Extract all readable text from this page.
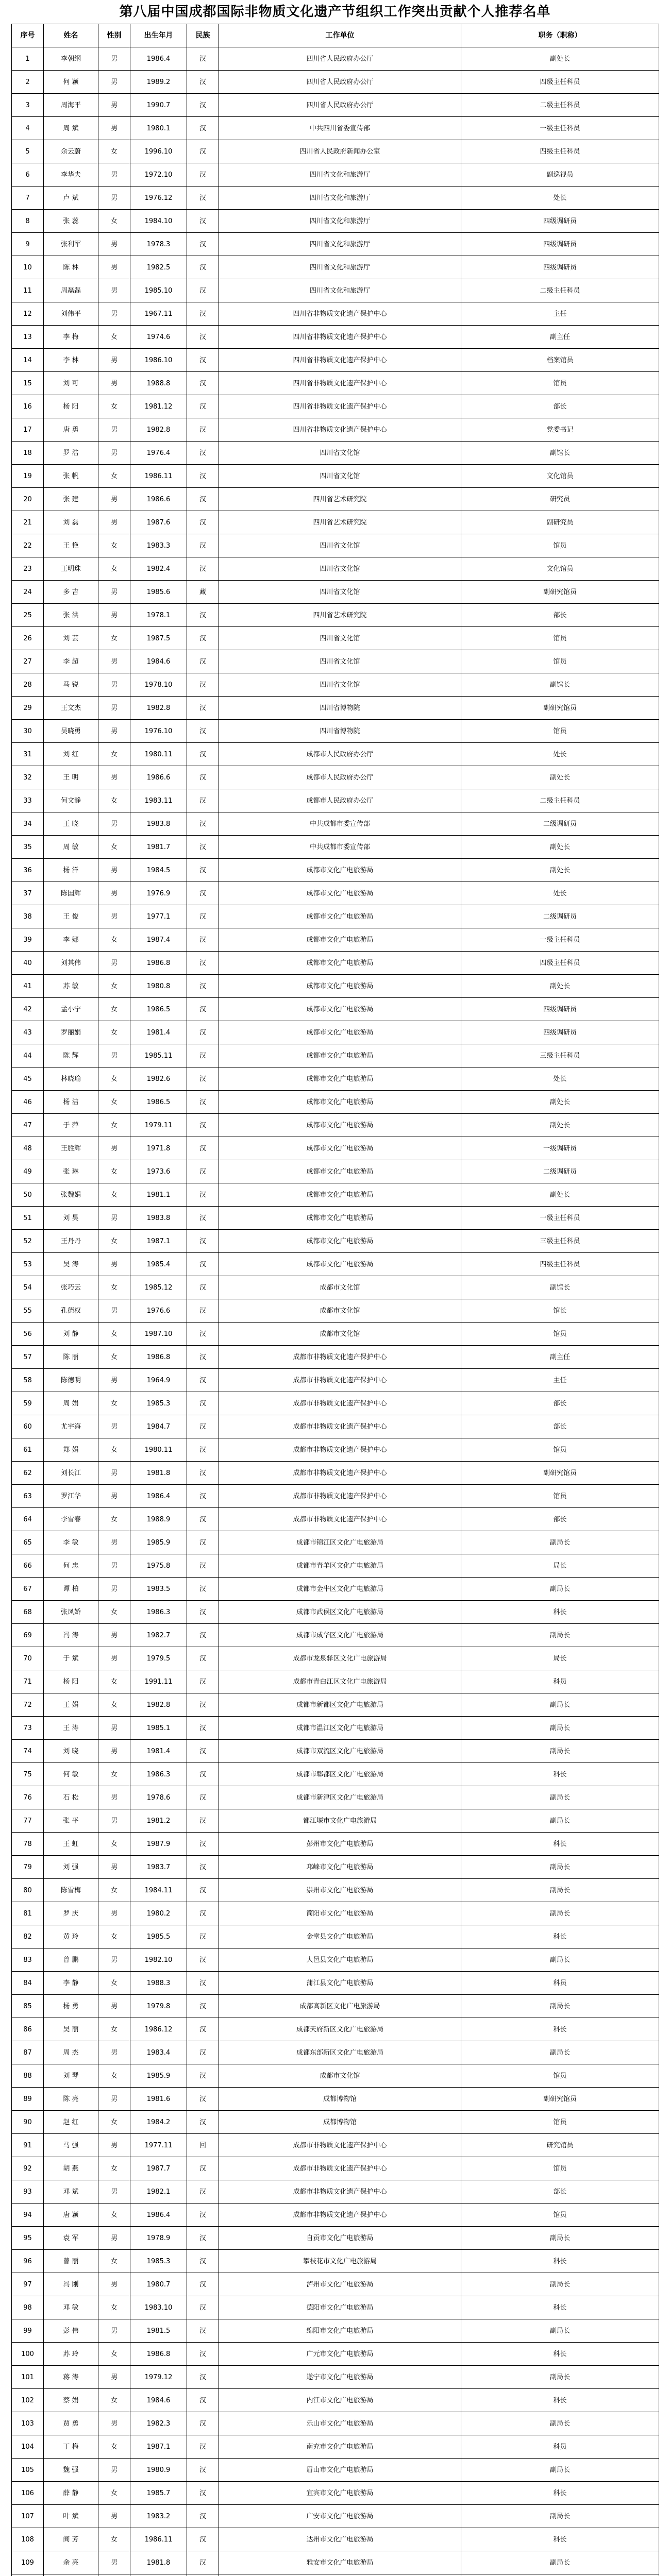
第八届中国成都国际非物质文化遗产节组织工作突出贡献个人推荐名单
序号	姓名	性别	出生年月	民族	工作单位	职务（职称）
1	李朝纲	男	1986.4	汉	四川省人民政府办公厅	副处长
2	何 颖	男	1989.2	汉	四川省人民政府办公厅	四级主任科员
3	周海平	男	1990.7	汉	四川省人民政府办公厅	二级主任科员
4	周 斌	男	1980.1	汉	中共四川省委宣传部	一级主任科员
5	余云蔚	女	1996.10	汉	四川省人民政府新闻办公室	四级主任科员
6	李华夫	男	1972.10	汉	四川省文化和旅游厅	副巡视员
7	卢 斌	男	1976.12	汉	四川省文化和旅游厅	处长
8	张 蕊	女	1984.10	汉	四川省文化和旅游厅	四级调研员
9	张利军	男	1978.3	汉	四川省文化和旅游厅	四级调研员
10	陈 林	男	1982.5	汉	四川省文化和旅游厅	四级调研员
11	周磊磊	男	1985.10	汉	四川省文化和旅游厅	二级主任科员
12	刘伟平	男	1967.11	汉	四川省非物质文化遗产保护中心	主任
13	李 梅	女	1974.6	汉	四川省非物质文化遗产保护中心	副主任
14	李 林	男	1986.10	汉	四川省非物质文化遗产保护中心	档案馆员
15	刘 可	男	1988.8	汉	四川省非物质文化遗产保护中心	馆员
16	杨 阳	女	1981.12	汉	四川省非物质文化遗产保护中心	部长
17	唐 勇	男	1982.8	汉	四川省非物质文化遗产保护中心	党委书记
18	罗 浩	男	1976.4	汉	四川省文化馆	副馆长
19	张 帆	女	1986.11	汉	四川省文化馆	文化馆员
20	张 建	男	1986.6	汉	四川省艺术研究院	研究员
21	刘 磊	男	1987.6	汉	四川省艺术研究院	副研究员
22	王 艳	女	1983.3	汉	四川省文化馆	馆员
23	王明珠	女	1982.4	汉	四川省文化馆	文化馆员
24	多 吉	男	1985.6	藏	四川省文化馆	副研究馆员
25	张 洪	男	1978.1	汉	四川省艺术研究院	部长
26	刘 芸	女	1987.5	汉	四川省文化馆	馆员
27	李 超	男	1984.6	汉	四川省文化馆	馆员
28	马 锐	男	1978.10	汉	四川省文化馆	副馆长
29	王文杰	男	1982.8	汉	四川省博物院	副研究馆员
30	吴晓勇	男	1976.10	汉	四川省博物院	馆员
31	刘 红	女	1980.11	汉	成都市人民政府办公厅	处长
32	王 明	男	1986.6	汉	成都市人民政府办公厅	副处长
33	何文静	女	1983.11	汉	成都市人民政府办公厅	二级主任科员
34	王 晓	男	1983.8	汉	中共成都市委宣传部	二级调研员
35	周 敏	女	1981.7	汉	中共成都市委宣传部	副处长
36	杨 洋	男	1984.5	汉	成都市文化广电旅游局	副处长
37	陈国辉	男	1976.9	汉	成都市文化广电旅游局	处长
38	王 俊	男	1977.1	汉	成都市文化广电旅游局	二级调研员
39	李 娜	女	1987.4	汉	成都市文化广电旅游局	一级主任科员
40	刘其伟	男	1986.8	汉	成都市文化广电旅游局	四级主任科员
41	苏 敏	女	1980.8	汉	成都市文化广电旅游局	副处长
42	孟小宁	女	1986.5	汉	成都市文化广电旅游局	四级调研员
43	罗丽娟	女	1981.4	汉	成都市文化广电旅游局	四级调研员
44	陈 辉	男	1985.11	汉	成都市文化广电旅游局	三级主任科员
45	林晓瑜	女	1982.6	汉	成都市文化广电旅游局	处长
46	杨 洁	女	1986.5	汉	成都市文化广电旅游局	副处长
47	于 萍	女	1979.11	汉	成都市文化广电旅游局	副处长
48	王胜辉	男	1971.8	汉	成都市文化广电旅游局	一级调研员
49	张 琳	女	1973.6	汉	成都市文化广电旅游局	二级调研员
50	张魏娟	女	1981.1	汉	成都市文化广电旅游局	副处长
51	刘 昊	男	1983.8	汉	成都市文化广电旅游局	一级主任科员
52	王丹丹	女	1987.1	汉	成都市文化广电旅游局	三级主任科员
53	吴 涛	男	1985.4	汉	成都市文化广电旅游局	四级主任科员
54	张巧云	女	1985.12	汉	成都市文化馆	副馆长
55	孔德权	男	1976.6	汉	成都市文化馆	馆长
56	刘 静	女	1987.10	汉	成都市文化馆	馆员
57	陈 丽	女	1986.8	汉	成都市非物质文化遗产保护中心	副主任
58	陈德明	男	1964.9	汉	成都市非物质文化遗产保护中心	主任
59	周 娟	女	1985.3	汉	成都市非物质文化遗产保护中心	部长
60	尤宇海	男	1984.7	汉	成都市非物质文化遗产保护中心	部长
61	郑 娟	女	1980.11	汉	成都市非物质文化遗产保护中心	馆员
62	刘长江	男	1981.8	汉	成都市非物质文化遗产保护中心	副研究馆员
63	罗江华	男	1986.4	汉	成都市非物质文化遗产保护中心	馆员
64	李雪春	女	1988.9	汉	成都市非物质文化遗产保护中心	部长
65	李 敏	男	1985.9	汉	成都市锦江区文化广电旅游局	副局长
66	何 忠	男	1975.8	汉	成都市青羊区文化广电旅游局	局长
67	谭 柏	男	1983.5	汉	成都市金牛区文化广电旅游局	副局长
68	张凤娇	女	1986.3	汉	成都市武侯区文化广电旅游局	科长
69	冯 涛	男	1982.7	汉	成都市成华区文化广电旅游局	副局长
70	于 斌	男	1979.5	汉	成都市龙泉驿区文化广电旅游局	局长
71	杨 阳	女	1991.11	汉	成都市青白江区文化广电旅游局	科员
72	王 娟	女	1982.8	汉	成都市新都区文化广电旅游局	副局长
73	王 涛	男	1985.1	汉	成都市温江区文化广电旅游局	副局长
74	刘 晓	男	1981.4	汉	成都市双流区文化广电旅游局	副局长
75	何 敏	女	1986.3	汉	成都市郫都区文化广电旅游局	科长
76	石 松	男	1978.6	汉	成都市新津区文化广电旅游局	副局长
77	张 平	男	1981.2	汉	都江堰市文化广电旅游局	副局长
78	王 虹	女	1987.9	汉	彭州市文化广电旅游局	科长
79	刘 强	男	1983.7	汉	邛崃市文化广电旅游局	副局长
80	陈雪梅	女	1984.11	汉	崇州市文化广电旅游局	副局长
81	罗 庆	男	1980.2	汉	简阳市文化广电旅游局	副局长
82	黄 玲	女	1985.5	汉	金堂县文化广电旅游局	科长
83	曾 鹏	男	1982.10	汉	大邑县文化广电旅游局	副局长
84	李 静	女	1988.3	汉	蒲江县文化广电旅游局	科员
85	杨 勇	男	1979.8	汉	成都高新区文化广电旅游局	副局长
86	吴 丽	女	1986.12	汉	成都天府新区文化广电旅游局	科长
87	周 杰	男	1983.4	汉	成都东部新区文化广电旅游局	副局长
88	刘 琴	女	1985.9	汉	成都市文化馆	馆员
89	陈 亮	男	1981.6	汉	成都博物馆	副研究馆员
90	赵 红	女	1984.2	汉	成都博物馆	馆员
91	马 强	男	1977.11	回	成都市非物质文化遗产保护中心	研究馆员
92	胡 燕	女	1987.7	汉	成都市非物质文化遗产保护中心	馆员
93	邓 斌	男	1982.1	汉	成都市非物质文化遗产保护中心	部长
94	唐 颖	女	1986.4	汉	成都市非物质文化遗产保护中心	馆员
95	袁 军	男	1978.9	汉	自贡市文化广电旅游局	副局长
96	曾 丽	女	1985.3	汉	攀枝花市文化广电旅游局	科长
97	冯 刚	男	1980.7	汉	泸州市文化广电旅游局	副局长
98	邓 敏	女	1983.10	汉	德阳市文化广电旅游局	科长
99	彭 伟	男	1981.5	汉	绵阳市文化广电旅游局	副局长
100	苏 玲	女	1986.8	汉	广元市文化广电旅游局	科长
101	蒋 涛	男	1979.12	汉	遂宁市文化广电旅游局	副局长
102	蔡 娟	女	1984.6	汉	内江市文化广电旅游局	科长
103	贾 勇	男	1982.3	汉	乐山市文化广电旅游局	副局长
104	丁 梅	女	1987.1	汉	南充市文化广电旅游局	科员
105	魏 强	男	1980.9	汉	眉山市文化广电旅游局	副局长
106	薛 静	女	1985.7	汉	宜宾市文化广电旅游局	科长
107	叶 斌	男	1983.2	汉	广安市文化广电旅游局	副局长
108	阎 芳	女	1986.11	汉	达州市文化广电旅游局	科长
109	余 亮	男	1981.8	汉	雅安市文化广电旅游局	副局长
